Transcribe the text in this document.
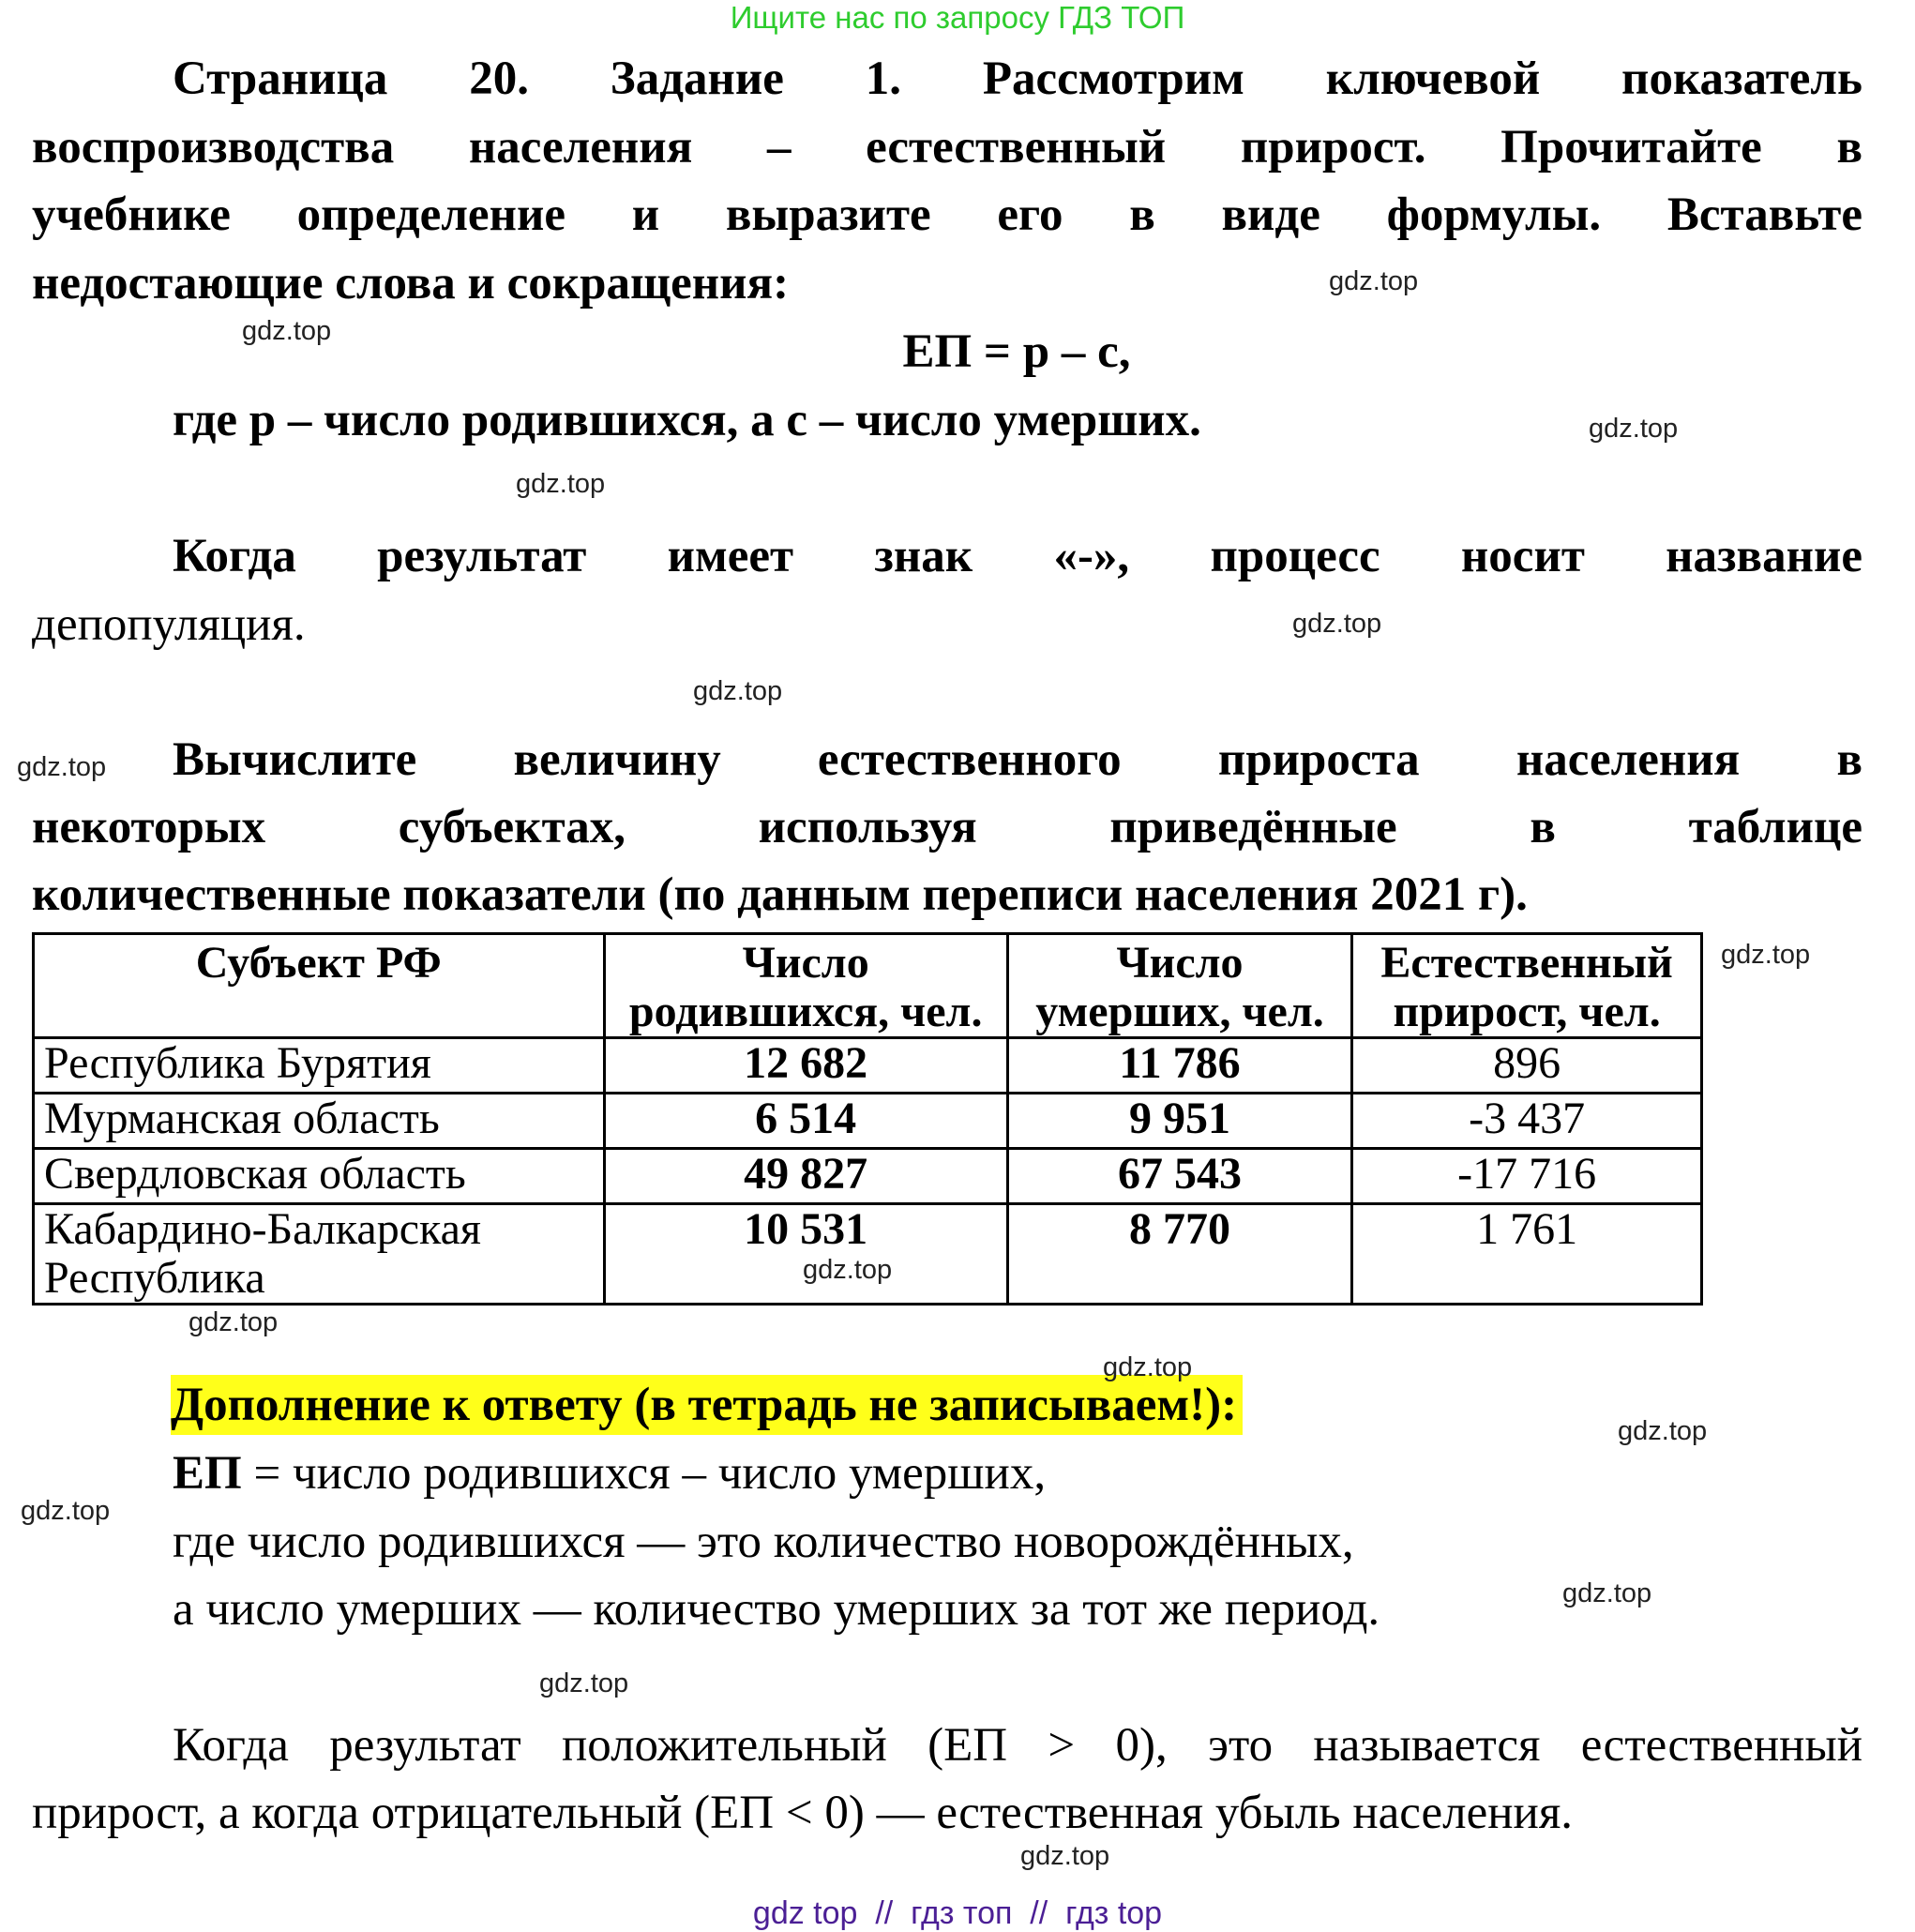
Ищите нас по запросу ГДЗ ТОП
Страница 20. Задание 1. Рассмотрим ключевой показатель
воспроизводства населения – естественный прирост. Прочитайте в
учебнике определение и выразите его в виде формулы. Вставьте
недостающие слова и сокращения:
ЕП = р – с,
где р – число родившихся, а с – число умерших.
Когда результат имеет знак «-», процесс носит название
депопуляция.
Вычислите величину естественного прироста населения в
некоторых субъектах, используя приведённые в таблице
количественные показатели (по данным переписи населения 2021 г).
Субъект РФ	Число родившихся, чел.	Число умерших, чел.	Естественный прирост, чел.
Республика Бурятия	12 682	11 786	896
Мурманская область	6 514	9 951	-3 437
Свердловская область	49 827	67 543	-17 716
Кабардино-Балкарская Республика	10 531	8 770	1 761
Дополнение к ответу (в тетрадь не записываем!):
ЕП = число родившихся – число умерших,
где число родившихся — это количество новорождённых,
а число умерших — количество умерших за тот же период.
Когда результат положительный (ЕП > 0), это называется естественный
прирост, а когда отрицательный (ЕП < 0) — естественная убыль населения.
gdz.top
gdz.top
gdz.top
gdz.top
gdz.top
gdz.top
gdz.top
gdz.top
gdz.top
gdz.top
gdz.top
gdz.top
gdz.top
gdz.top
gdz.top
gdz.top
gdz top  //  гдз топ  //  гдз top
